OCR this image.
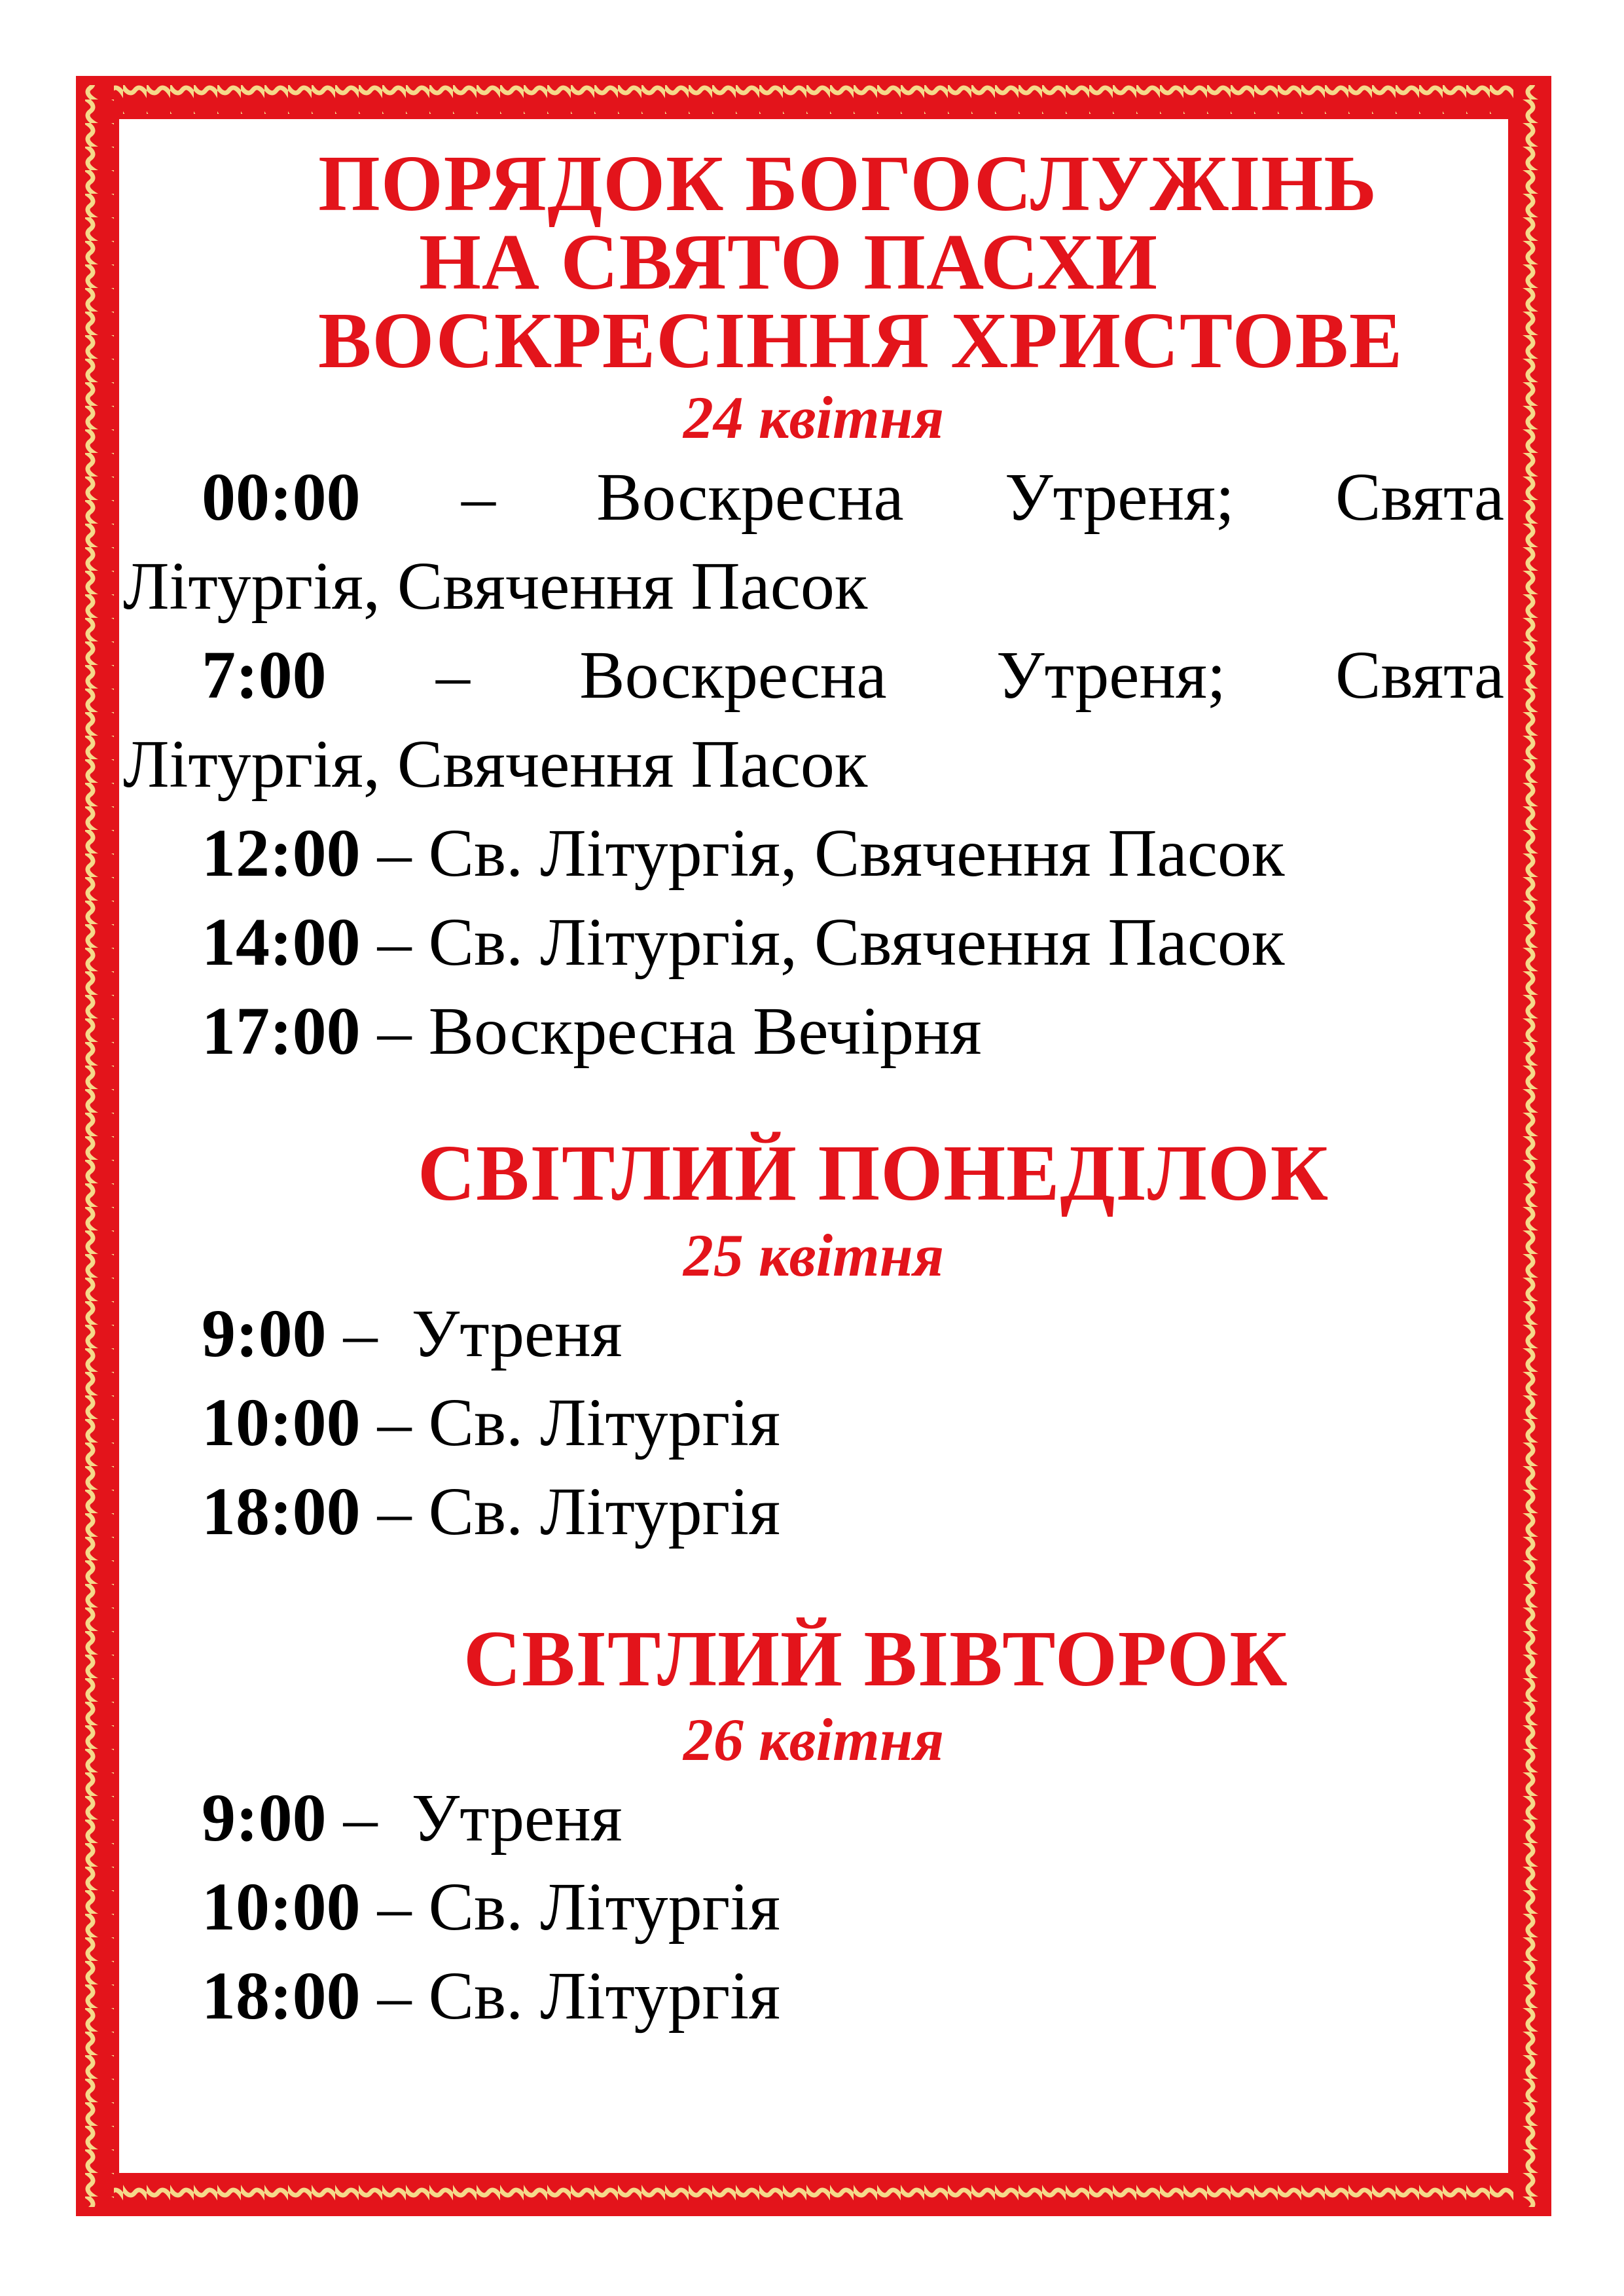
ПОРЯДОК БОГОСЛУЖІНЬ
НА СВЯТО ПАСХИ
ВОСКРЕСІННЯ ХРИСТОВЕ
24 квітня
00:00 – Воскресна Утреня; Свята
Літургія, Свячення Пасок
7:00 – Воскресна Утреня; Свята
Літургія, Свячення Пасок
12:00 – Св. Літургія, Свячення Пасок
14:00 – Св. Літургія, Свячення Пасок
17:00 – Воскресна Вечірня
СВІТЛИЙ ПОНЕДІЛОК
25 квітня
9:00 –  Утреня
10:00 – Св. Літургія
18:00 – Св. Літургія
СВІТЛИЙ ВІВТОРОК
26 квітня
9:00 –  Утреня
10:00 – Св. Літургія
18:00 – Св. Літургія
